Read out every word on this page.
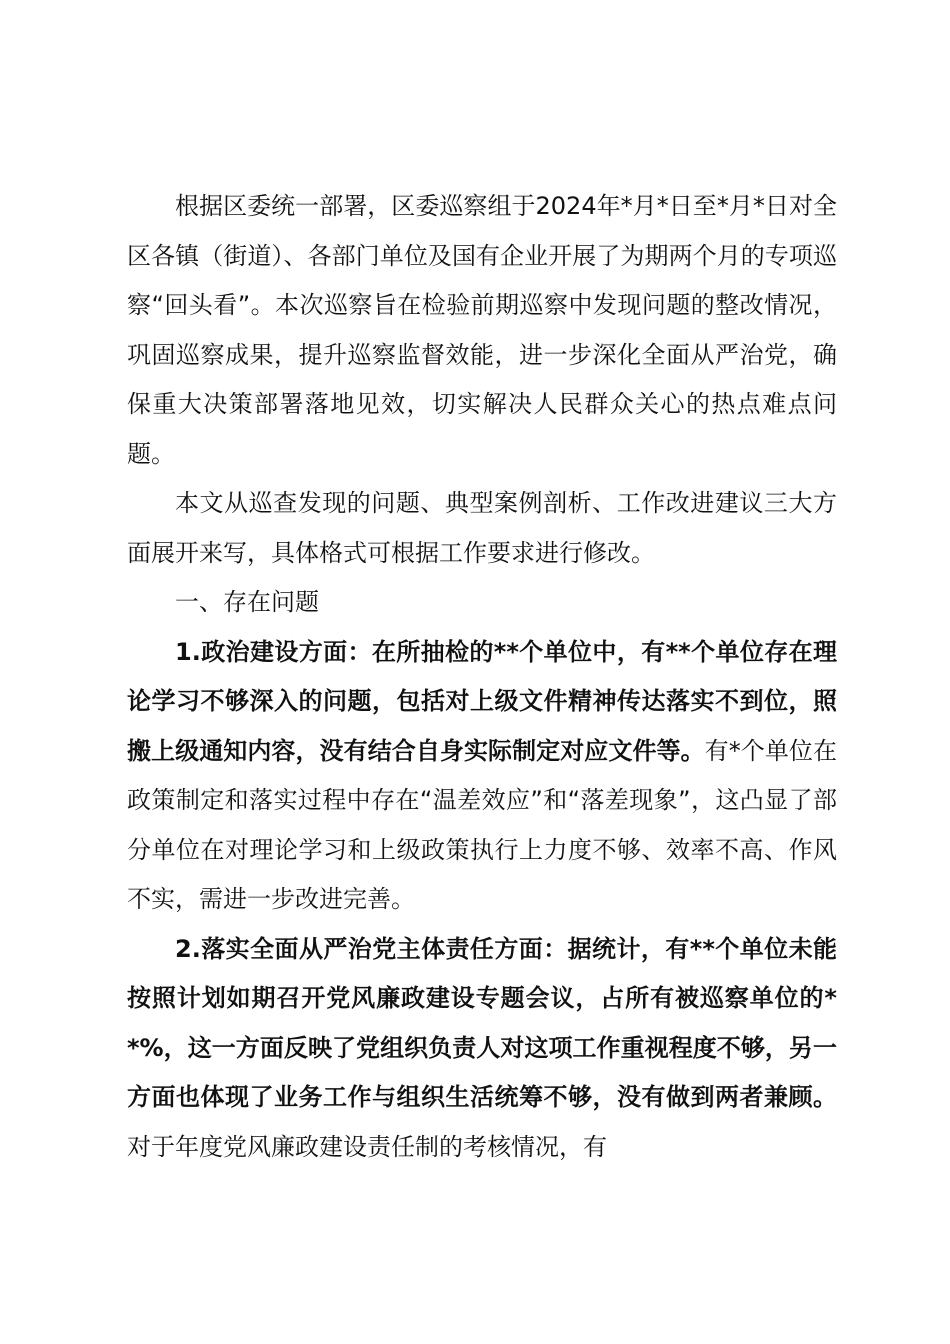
根据区委统一部署，区委巡察组于2024年*月*日至*月*日对全区各镇（街道）、各部门单位及国有企业开展了为期两个月的专项巡察“回头看”。本次巡察旨在检验前期巡察中发现问题的整改情况，巩固巡察成果，提升巡察监督效能，进一步深化全面从严治党，确保重大决策部署落地见效，切实解决人民群众关心的热点难点问题。

本文从巡查发现的问题、典型案例剖析、工作改进建议三大方面展开来写，具体格式可根据工作要求进行修改。

一、存在问题

1.政治建设方面：在所抽检的**个单位中，有**个单位存在理论学习不够深入的问题，包括对上级文件精神传达落实不到位，照搬上级通知内容，没有结合自身实际制定对应文件等。有*个单位在政策制定和落实过程中存在“温差效应”和“落差现象”，这凸显了部分单位在对理论学习和上级政策执行上力度不够、效率不高、作风不实，需进一步改进完善。

2.落实全面从严治党主体责任方面：据统计，有**个单位未能按照计划如期召开党风廉政建设专题会议，占所有被巡察单位的**%，这一方面反映了党组织负责人对这项工作重视程度不够，另一方面也体现了业务工作与组织生活统筹不够，没有做到两者兼顾。对于年度党风廉政建设责任制的考核情况，有
